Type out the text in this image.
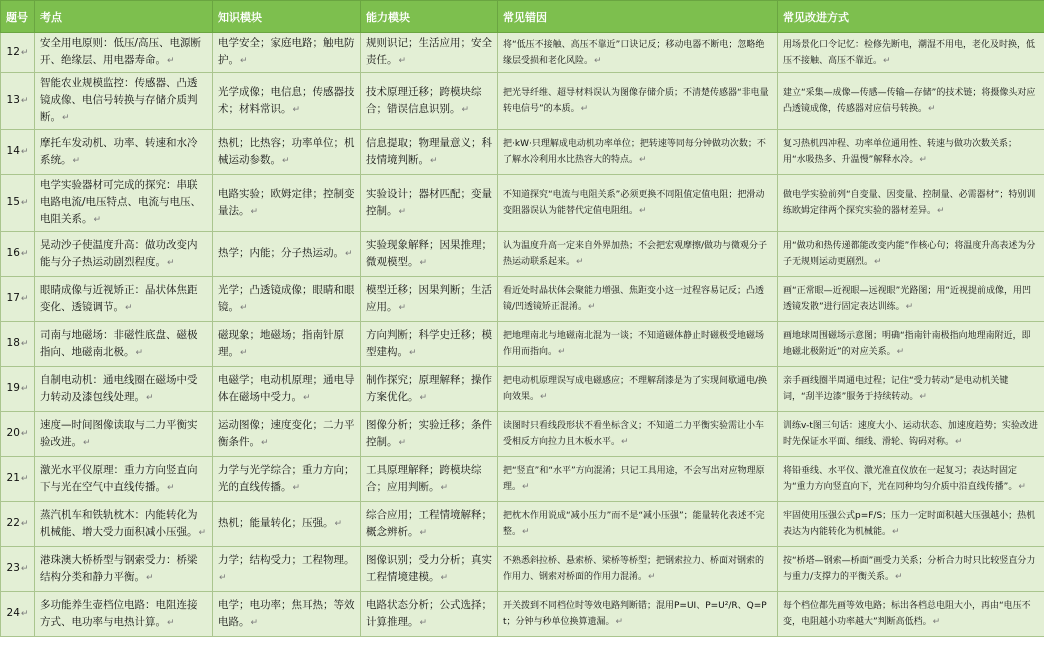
题号	考点	知识模块	能力模块	常见错因	常见改进方式
12↵	安全用电原则：低压/高压、电源断开、绝缘层、用电器寿命。↵	电学安全；家庭电路；触电防护。↵	规则识记；生活应用；安全责任。↵	将“低压不接触、高压不靠近”口诀记反；移动电器不断电；忽略绝缘层受损和老化风险。↵	用场景化口令记忆：检修先断电，潮湿不用电，老化及时换，低压不接触、高压不靠近。↵
13↵	智能农业规模监控：传感器、凸透镜成像、电信号转换与存储介质判断。↵	光学成像；电信息；传感器技术；材料常识。↵	技术原理迁移；跨模块综合；错误信息识别。↵	把光导纤维、超导材料误认为图像存储介质；不清楚传感器“非电量转电信号”的本质。↵	建立“采集—成像—传感—传输—存储”的技术链；将摄像头对应凸透镜成像，传感器对应信号转换。↵
14↵	摩托车发动机、功率、转速和水冷系统。↵	热机；比热容；功率单位；机械运动参数。↵	信息提取；物理量意义；科技情境判断。↵	把·kW·只理解成电动机功率单位；把转速等同每分钟做功次数；不了解水冷利用水比热容大的特点。↵	复习热机四冲程、功率单位通用性、转速与做功次数关系；用“水吸热多、升温慢”解释水冷。↵
15↵	电学实验器材可完成的探究：串联电路电流/电压特点、电流与电压、电阻关系。↵	电路实验；欧姆定律；控制变量法。↵	实验设计；器材匹配；变量控制。↵	不知道探究“电流与电阻关系”必须更换不同阻值定值电阻；把滑动变阻器误认为能替代定值电阻组。↵	做电学实验前列“自变量、因变量、控制量、必需器材”；特别训练欧姆定律两个探究实验的器材差异。↵
16↵	晃动沙子使温度升高：做功改变内能与分子热运动剧烈程度。↵	热学；内能；分子热运动。↵	实验现象解释；因果推理；微观模型。↵	认为温度升高一定来自外界加热；不会把宏观摩擦/做功与微观分子热运动联系起来。↵	用“做功和热传递都能改变内能”作核心句；将温度升高表述为分子无规则运动更剧烈。↵
17↵	眼睛成像与近视矫正：晶状体焦距变化、透镜调节。↵	光学；凸透镜成像；眼睛和眼镜。↵	模型迁移；因果判断；生活应用。↵	看近处时晶状体会聚能力增强、焦距变小这一过程容易记反；凸透镜/凹透镜矫正混淆。↵	画“正常眼—近视眼—远视眼”光路图；用“近视提前成像，用凹透镜发散”进行固定表达训练。↵
18↵	司南与地磁场：非磁性底盘、磁极指向、地磁南北极。↵	磁现象；地磁场；指南针原理。↵	方向判断；科学史迁移；模型建构。↵	把地理南北与地磁南北混为一谈；不知道磁体静止时磁极受地磁场作用而指向。↵	画地球周围磁场示意图；明确“指南针南极指向地理南附近，即地磁北极附近”的对应关系。↵
19↵	自制电动机：通电线圈在磁场中受力转动及漆包线处理。↵	电磁学；电动机原理；通电导体在磁场中受力。↵	制作探究；原理解释；操作方案优化。↵	把电动机原理误写成电磁感应；不理解刮漆是为了实现间歇通电/换向效果。↵	亲手画线圈半周通电过程；记住“受力转动”是电动机关键词，“刮半边漆”服务于持续转动。↵
20↵	速度—时间图像读取与二力平衡实验改进。↵	运动图像；速度变化；二力平衡条件。↵	图像分析；实验迁移；条件控制。↵	读图时只看线段形状不看坐标含义；不知道二力平衡实验需让小车受相反方向拉力且木板水平。↵	训练v-t图三句话：速度大小、运动状态、加速度趋势；实验改进时先保证水平面、细线、滑轮、钩码对称。↵
21↵	激光水平仪原理：重力方向竖直向下与光在空气中直线传播。↵	力学与光学综合；重力方向；光的直线传播。↵	工具原理解释；跨模块综合；应用判断。↵	把“竖直”和“水平”方向混淆；只记工具用途，不会写出对应物理原理。↵	将铅垂线、水平仪、激光准直仪放在一起复习；表达时固定为“重力方向竖直向下，光在同种均匀介质中沿直线传播”。↵
22↵	蒸汽机车和铁轨枕木：内能转化为机械能、增大受力面积减小压强。↵	热机；能量转化；压强。↵	综合应用；工程情境解释；概念辨析。↵	把枕木作用说成“减小压力”而不是“减小压强”；能量转化表述不完整。↵	牢固使用压强公式p=F/S；压力一定时面积越大压强越小；热机表达为内能转化为机械能。↵
23↵	港珠澳大桥桥型与钢索受力：桥梁结构分类和静力平衡。↵	力学；结构受力；工程物理。↵	图像识别；受力分析；真实工程情境建模。↵	不熟悉斜拉桥、悬索桥、梁桥等桥型；把钢索拉力、桥面对钢索的作用力、钢索对桥面的作用力混淆。↵	按“桥塔—钢索—桥面”画受力关系；分析合力时只比较竖直分力与重力/支撑力的平衡关系。↵
24↵	多功能养生壶档位电路：电阻连接方式、电功率与电热计算。↵	电学；电功率；焦耳热；等效电路。↵	电路状态分析；公式选择；计算推理。↵	开关拨到不同档位时等效电路判断错；混用P=UI、P=U²/R、Q=Pt；分钟与秒单位换算遗漏。↵	每个档位都先画等效电路；标出各档总电阻大小，再由“电压不变，电阻越小功率越大”判断高低档。↵
